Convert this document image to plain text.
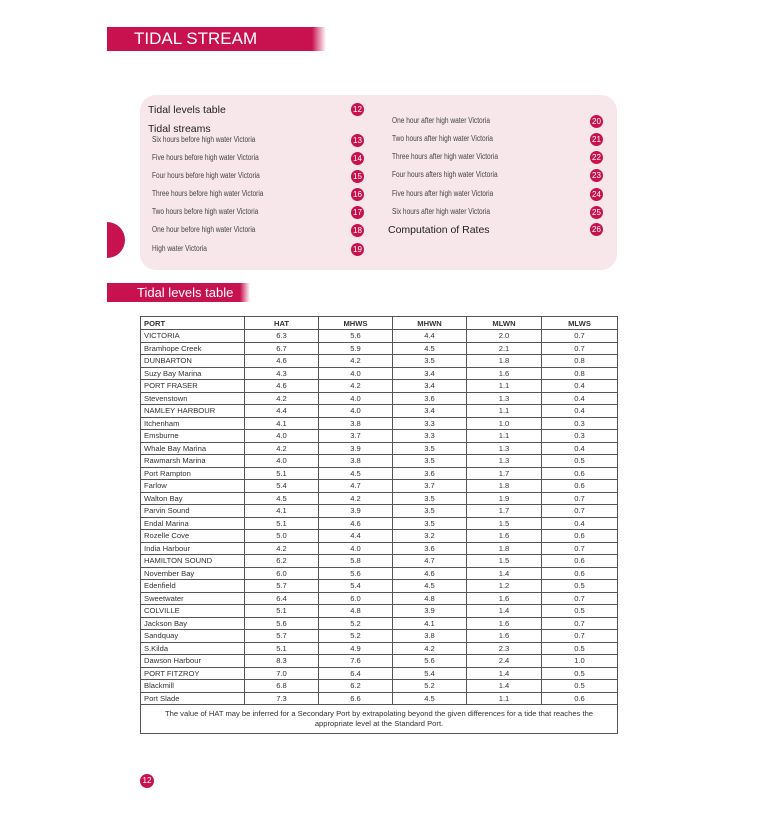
TIDAL STREAM ATLAS
Tidal levels table	12
Tidal streams
Six hours before high water Victoria	13
Five hours before high water Victoria	14
Four hours before high water Victoria	15
Three hours before high water Victoria	16
Two hours before high water Victoria	17
One hour before high water Victoria	18
High water Victoria	19
One hour after high water Victoria	20
Two hours after high water Victoria	21
Three hours after high water Victoria	22
Four hours afters high water Victoria	23
Five hours after high water Victoria	24
Six hours after high water Victoria	25
Computation of Rates	26
Tidal levels table
PORT	HAT	MHWS	MHWN	MLWN	MLWS
VICTORIA	6.3	5.6	4.4	2.0	0.7
Bramhope Creek	6.7	5.9	4.5	2.1	0.7
DUNBARTON	4.6	4.2	3.5	1.8	0.8
Suzy Bay Marina	4.3	4.0	3.4	1.6	0.8
PORT FRASER	4.6	4.2	3.4	1.1	0.4
Stevenstown	4.2	4.0	3.6	1.3	0.4
NAMLEY HARBOUR	4.4	4.0	3.4	1.1	0.4
Itchenham	4.1	3.8	3.3	1.0	0.3
Emsburne	4.0	3.7	3.3	1.1	0.3
Whale Bay Marina	4.2	3.9	3.5	1.3	0.4
Rawmarsh Marina	4.0	3.8	3.5	1.3	0.5
Port Rampton	5.1	4.5	3.6	1.7	0.6
Farlow	5.4	4.7	3.7	1.8	0.6
Walton Bay	4.5	4.2	3.5	1.9	0.7
Parvin Sound	4.1	3.9	3.5	1.7	0.7
Endal Marina	5.1	4.6	3.5	1.5	0.4
Rozelle Cove	5.0	4.4	3.2	1.6	0.6
India Harbour	4.2	4.0	3.6	1.8	0.7
HAMILTON SOUND	6.2	5.8	4.7	1.5	0.6
November Bay	6.0	5.6	4.6	1.4	0.6
Edenfield	5.7	5.4	4.5	1.2	0.5
Sweetwater	6.4	6.0	4.8	1.6	0.7
COLVILLE	5.1	4.8	3.9	1.4	0.5
Jackson Bay	5.6	5.2	4.1	1.6	0.7
Sandquay	5.7	5.2	3.8	1.6	0.7
S.Kilda	5.1	4.9	4.2	2.3	0.5
Dawson Harbour	8.3	7.6	5.6	2.4	1.0
PORT FITZROY	7.0	6.4	5.4	1.4	0.5
Blackmill	6.8	6.2	5.2	1.4	0.5
Port Slade	7.3	6.6	4.5	1.1	0.6
The value of HAT may be inferred for a Secondary Port by extrapolating beyond the given differences for a tide that reaches the appropriate level at the Standard Port.					
12
